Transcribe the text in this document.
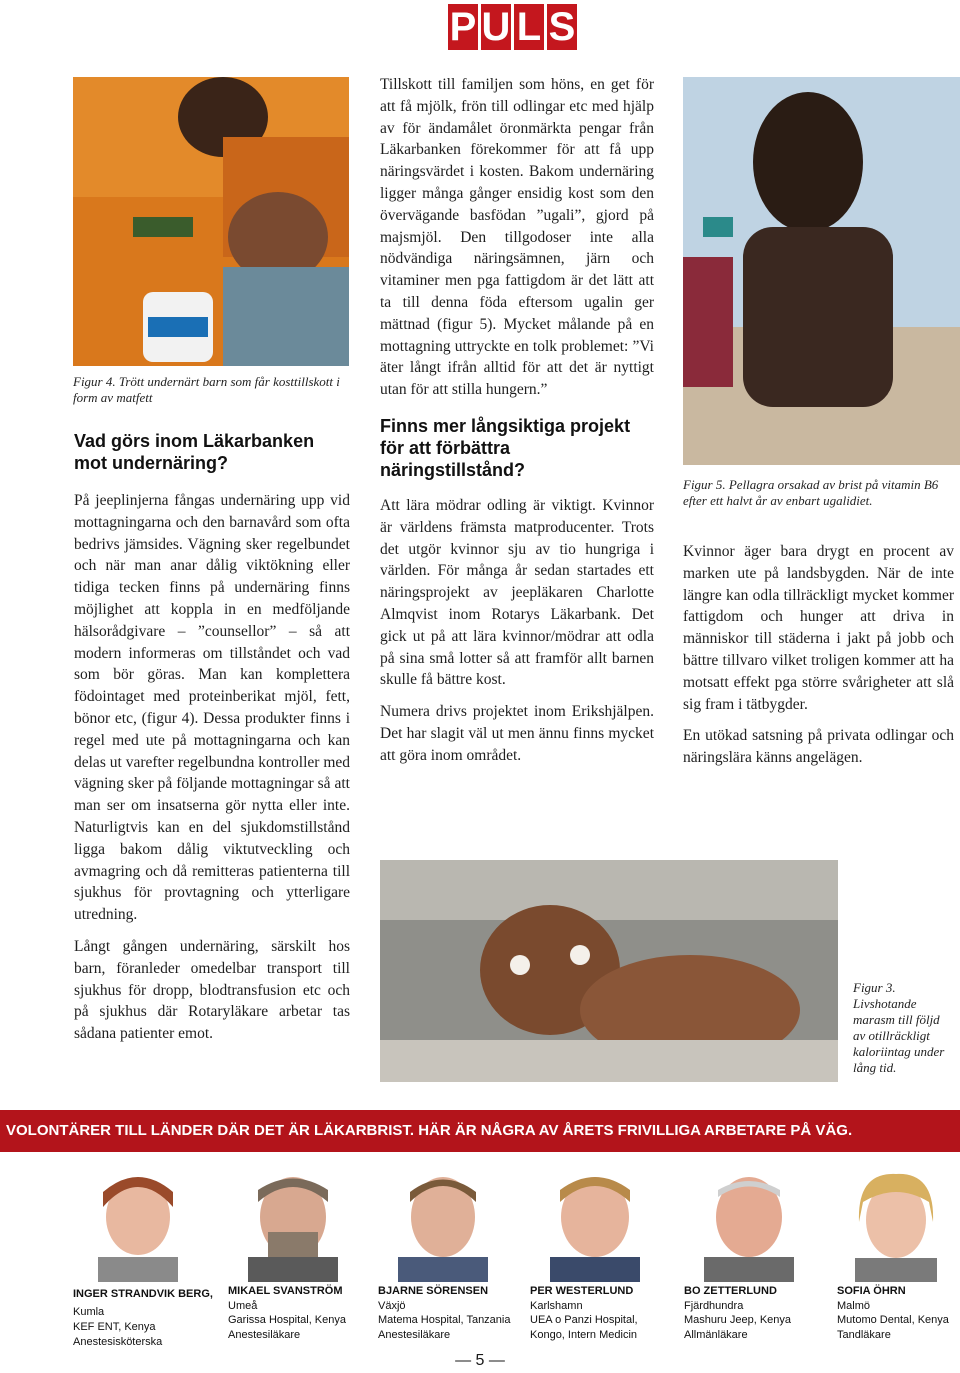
P U L S
Figur 4. Trött undernärt barn som får kosttillskott i form av matfett
Vad görs inom Läkarbanken mot undernäring?

På jeeplinjerna fångas undernäring upp vid mottagningarna och den barnavård som ofta bedrivs jämsides. Vägning sker regelbundet och när man anar dålig viktökning eller tidiga tecken finns på undernäring finns möjlighet att koppla in en medföljande hälsorådgivare – ”counsellor” – så att modern informeras om tillståndet och vad som bör göras. Man kan komplettera födointaget med proteinberikat mjöl, fett, bönor etc, (figur 4). Dessa produkter finns i regel med ute på mottagningarna och kan delas ut varefter regelbundna kontroller med vägning sker på följande mottagningar så att man ser om insatserna gör nytta eller inte. Naturligtvis kan en del sjukdomstillstånd ligga bakom dålig viktutveckling och avmagring och då remitteras patienterna till sjukhus för provtagning och ytterligare utredning.

Långt gången undernäring, särskilt hos barn, föranleder omedelbar transport till sjukhus för dropp, blodtransfusion etc och på sjukhus där Rotaryläkare arbetar tas sådana patienter emot.

Tillskott till familjen som höns, en get för att få mjölk, frön till odlingar etc med hjälp av för ändamålet öronmärkta pengar från Läkarbanken förekommer för att få upp näringsvärdet i kosten. Bakom undernäring ligger många gånger ensidig kost som den övervägande basfödan ”ugali”, gjord på majsmjöl. Den tillgodoser inte alla nödvändiga näringsämnen, järn och vitaminer men pga fattigdom är det lätt att ta till denna föda eftersom ugalin ger mättnad (figur 5). Mycket målande på en mottagning uttryckte en tolk problemet: ”Vi äter långt ifrån alltid för att det är nyttigt utan för att stilla hungern.”

Finns mer långsiktiga projekt för att förbättra näringstillstånd?

Att lära mödrar odling är viktigt. Kvinnor är världens främsta matproducenter. Trots det utgör kvinnor sju av tio hungriga i världen. För många år sedan startades ett näringsprojekt av jeepläkaren Charlotte Almqvist inom Rotarys Läkarbank. Det gick ut på att lära kvinnor/mödrar att odla på sina små lotter så att framför allt barnen skulle få bättre kost.

Numera drivs projektet inom Erikshjälpen. Det har slagit väl ut men ännu finns mycket att göra inom området.

Figur 5. Pellagra orsakad av brist på vitamin B6 efter ett halvt år av enbart ugalidiet.

Kvinnor äger bara drygt en procent av marken ute på landsbygden. När de inte längre kan odla tillräckligt mycket kommer fattigdom och hunger att driva in människor till städerna i jakt på jobb och bättre tillvaro vilket troligen kommer att ha motsatt effekt pga större svårigheter att slå sig fram i tätbygder.

En utökad satsning på privata odlingar och näringslära känns angelägen.

Figur 3. Livshotande marasm till följd av otillräckligt kaloriintag under lång tid.
VOLONTÄRER TILL LÄNDER DÄR DET ÄR LÄKARBRIST. HÄR ÄR NÅGRA AV ÅRETS FRIVILLIGA ARBETARE PÅ VÄG.
INGER STRANDVIK BERG, Kumla
KEF ENT, Kenya
Anestesisköterska
MIKAEL SVANSTRÖM
Umeå
Garissa Hospital, Kenya
Anestesiläkare
BJARNE SÖRENSEN
Växjö
Matema Hospital, Tanzania
Anestesiläkare
PER WESTERLUND
Karlshamn
UEA o Panzi Hospital,
Kongo, Intern Medicin
BO ZETTERLUND
Fjärdhundra
Mashuru Jeep, Kenya
Allmänläkare
SOFIA ÖHRN
Malmö
Mutomo Dental, Kenya
Tandläkare
— 5 —
